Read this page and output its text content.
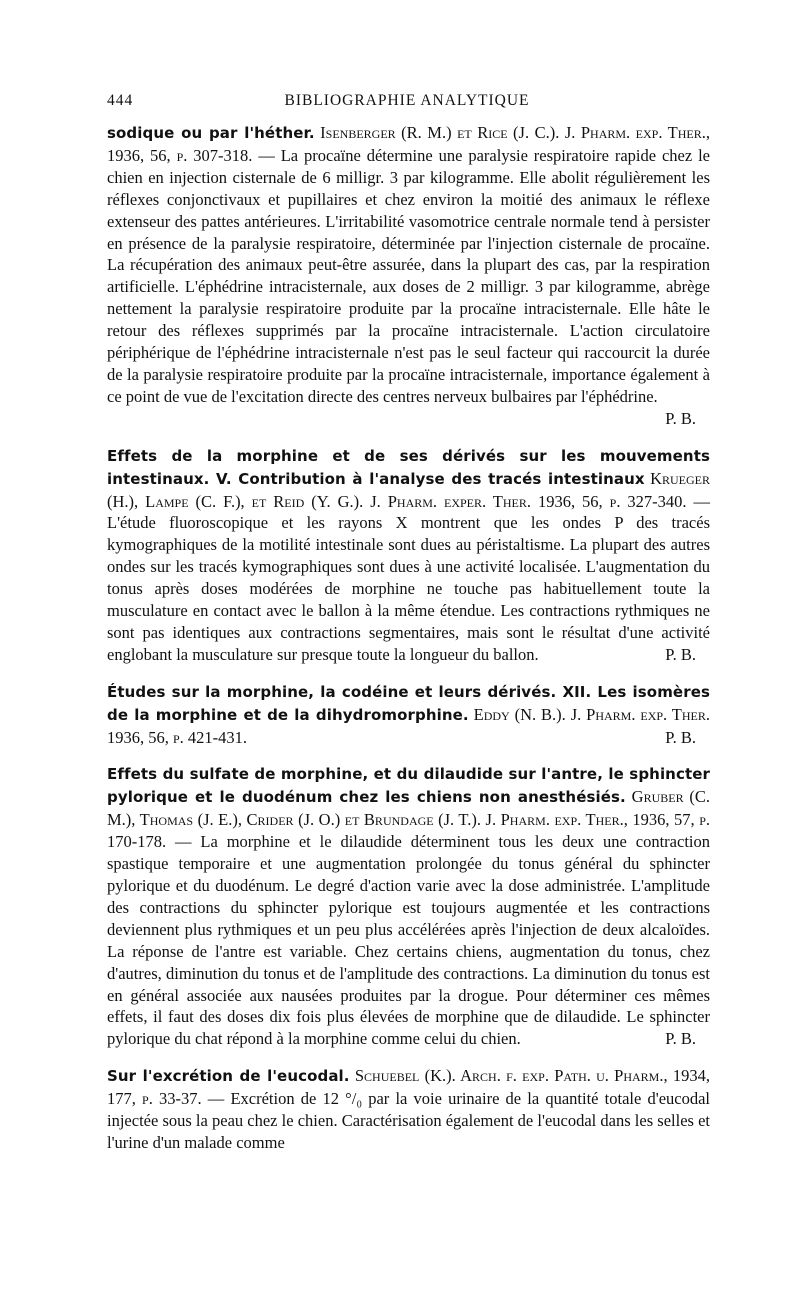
444	BIBLIOGRAPHIE ANALYTIQUE

sodique ou par l'héther. Isenberger (R. M.) et Rice (J. C.). J. Pharm. exp. Ther., 1936, 56, p. 307-318. — La procaïne détermine une paralysie respiratoire rapide chez le chien en injection cisternale de 6 milligr. 3 par kilogramme. Elle abolit régulièrement les réflexes conjonctivaux et pupillaires et chez environ la moitié des animaux le réflexe extenseur des pattes antérieures. L'irritabilité vasomotrice centrale normale tend à persister en présence de la paralysie respiratoire, déterminée par l'injection cisternale de procaïne. La récupération des animaux peut-être assurée, dans la plupart des cas, par la respiration artificielle. L'éphédrine intracisternale, aux doses de 2 milligr. 3 par kilogramme, abrège nettement la paralysie respiratoire produite par la procaïne intracisternale. Elle hâte le retour des réflexes supprimés par la procaïne intracisternale. L'action circulatoire périphérique de l'éphédrine intracisternale n'est pas le seul facteur qui raccourcit la durée de la paralysie respiratoire produite par la procaïne intracisternale, importance également à ce point de vue de l'excitation directe des centres nerveux bulbaires par l'éphédrine.
P. B.

Effets de la morphine et de ses dérivés sur les mouvements intestinaux. V. Contribution à l'analyse des tracés intestinaux Krueger (H.), Lampe (C. F.), et Reid (Y. G.). J. Pharm. exper. Ther. 1936, 56, p. 327-340. — L'étude fluoroscopique et les rayons X montrent que les ondes P des tracés kymographiques de la motilité intestinale sont dues au péristaltisme. La plupart des autres ondes sur les tracés kymographiques sont dues à une activité localisée. L'augmentation du tonus après doses modérées de morphine ne touche pas habituellement toute la musculature en contact avec le ballon à la même étendue. Les contractions rythmiques ne sont pas identiques aux contractions segmentaires, mais sont le résultat d'une activité englobant la musculature sur presque toute la longueur du ballon.	P. B.

Études sur la morphine, la codéine et leurs dérivés. XII. Les isomères de la morphine et de la dihydromorphine. Eddy (N. B.). J. Pharm. exp. Ther. 1936, 56, p. 421-431.	P. B.

Effets du sulfate de morphine, et du dilaudide sur l'antre, le sphincter pylorique et le duodénum chez les chiens non anesthésiés. Gruber (C. M.), Thomas (J. E.), Crider (J. O.) et Brundage (J. T.). J. Pharm. exp. Ther., 1936, 57, p. 170-178. — La morphine et le dilaudide déterminent tous les deux une contraction spastique temporaire et une augmentation prolongée du tonus général du sphincter pylorique et du duodénum. Le degré d'action varie avec la dose administrée. L'amplitude des contractions du sphincter pylorique est toujours augmentée et les contractions deviennent plus rythmiques et un peu plus accélérées après l'injection de deux alcaloïdes. La réponse de l'antre est variable. Chez certains chiens, augmentation du tonus, chez d'autres, diminution du tonus et de l'amplitude des contractions. La diminution du tonus est en général associée aux nausées produites par la drogue. Pour déterminer ces mêmes effets, il faut des doses dix fois plus élevées de morphine que de dilaudide. Le sphincter pylorique du chat répond à la morphine comme celui du chien.	P. B.

Sur l'excrétion de l'eucodal. Schuebel (K.). Arch. f. exp. Path. u. Pharm., 1934, 177, p. 33-37. — Excrétion de 12 °/₀ par la voie urinaire de la quantité totale d'eucodal injectée sous la peau chez le chien. Caractérisation également de l'eucodal dans les selles et l'urine d'un malade comme
